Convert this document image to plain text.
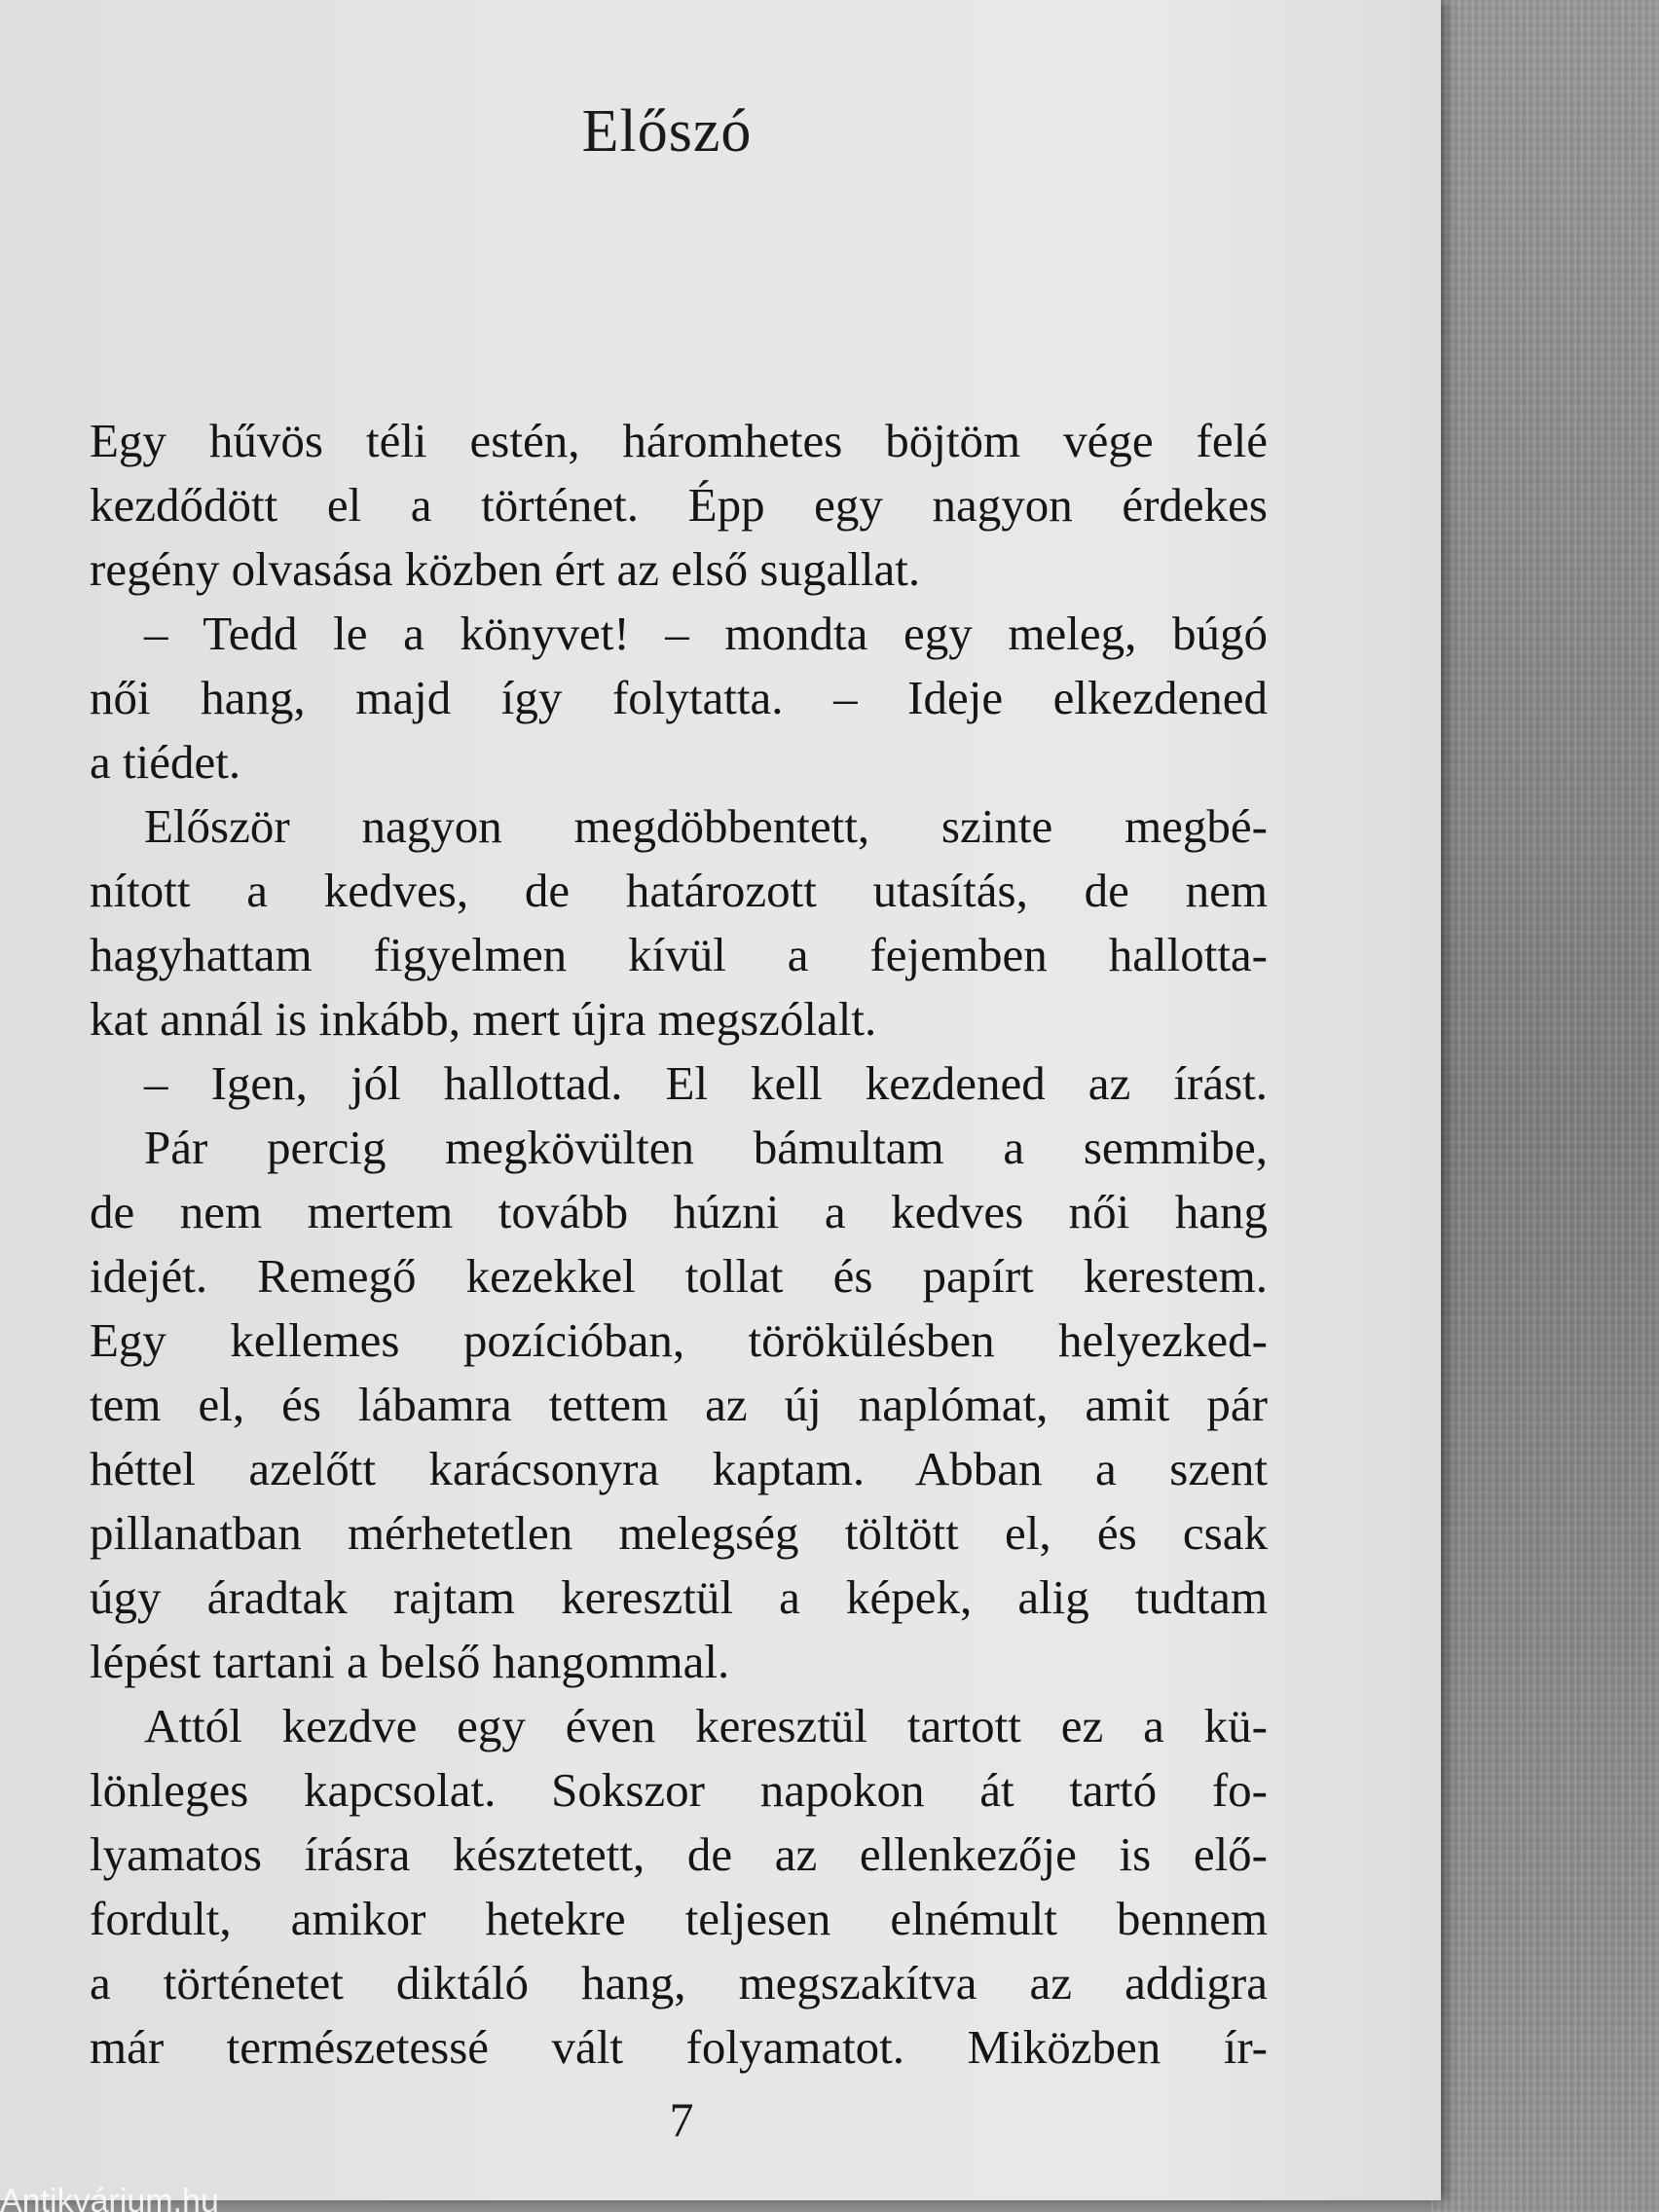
Előszó
Egy hűvös téli estén, háromhetes böjtöm vége felé
kezdődött el a történet. Épp egy nagyon érdekes
regény olvasása közben ért az első sugallat.
– Tedd le a könyvet! – mondta egy meleg, búgó
női hang, majd így folytatta. – Ideje elkezdened
a tiédet.
Először nagyon megdöbbentett, szinte megbé-
nított a kedves, de határozott utasítás, de nem
hagyhattam figyelmen kívül a fejemben hallotta-
kat annál is inkább, mert újra megszólalt.
– Igen, jól hallottad. El kell kezdened az írást.
Pár percig megkövülten bámultam a semmibe,
de nem mertem tovább húzni a kedves női hang
idejét. Remegő kezekkel tollat és papírt kerestem.
Egy kellemes pozícióban, törökülésben helyezked-
tem el, és lábamra tettem az új naplómat, amit pár
héttel azelőtt karácsonyra kaptam. Abban a szent
pillanatban mérhetetlen melegség töltött el, és csak
úgy áradtak rajtam keresztül a képek, alig tudtam
lépést tartani a belső hangommal.
Attól kezdve egy éven keresztül tartott ez a kü-
lönleges kapcsolat. Sokszor napokon át tartó fo-
lyamatos írásra késztetett, de az ellenkezője is elő-
fordult, amikor hetekre teljesen elnémult bennem
a történetet diktáló hang, megszakítva az addigra
már természetessé vált folyamatot. Miközben ír-
7
Antikvárium.hu
